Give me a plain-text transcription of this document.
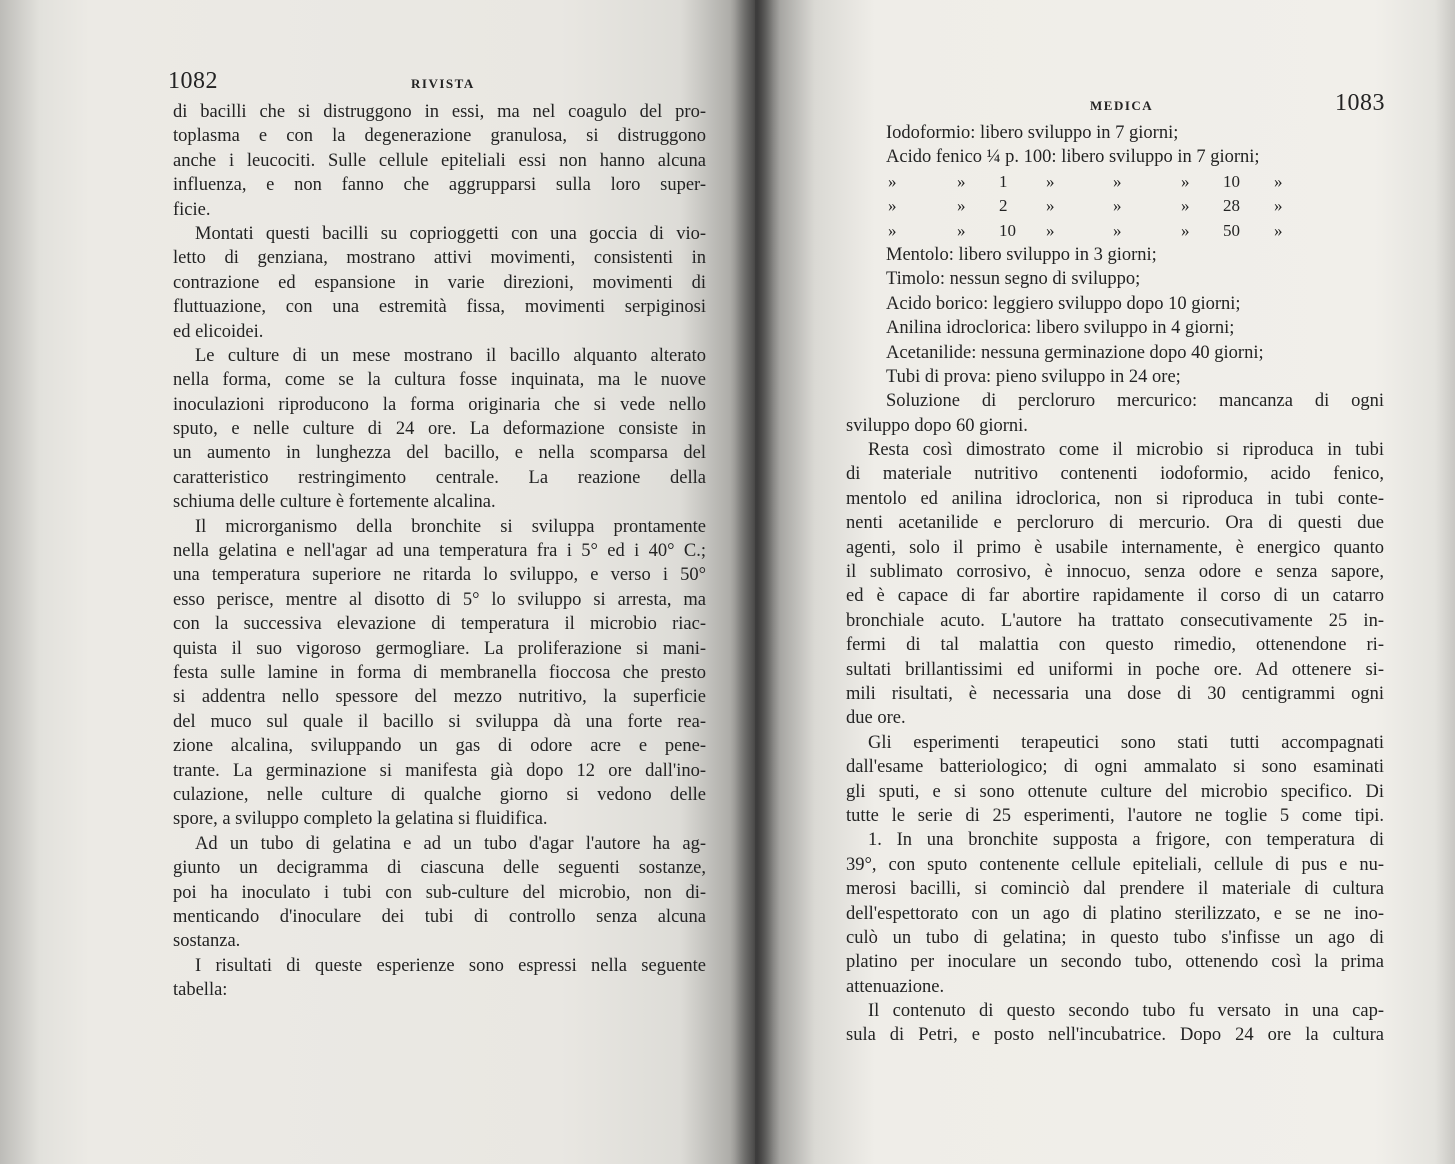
1082	RIVISTA
di bacilli che si distruggono in essi, ma nel coagulo del pro-
toplasma e con la degenerazione granulosa, si distruggono
anche i leucociti. Sulle cellule epiteliali essi non hanno alcuna
influenza, e non fanno che aggrupparsi sulla loro super-
ficie.
Montati questi bacilli su coprioggetti con una goccia di vio-
letto di genziana, mostrano attivi movimenti, consistenti in
contrazione ed espansione in varie direzioni, movimenti di
fluttuazione, con una estremità fissa, movimenti serpiginosi
ed elicoidei.
Le culture di un mese mostrano il bacillo alquanto alterato
nella forma, come se la cultura fosse inquinata, ma le nuove
inoculazioni riproducono la forma originaria che si vede nello
sputo, e nelle culture di 24 ore. La deformazione consiste in
un aumento in lunghezza del bacillo, e nella scomparsa del
caratteristico restringimento centrale. La reazione della
schiuma delle culture è fortemente alcalina.
Il microrganismo della bronchite si sviluppa prontamente
nella gelatina e nell'agar ad una temperatura fra i 5° ed i 40° C.;
una temperatura superiore ne ritarda lo sviluppo, e verso i 50°
esso perisce, mentre al disotto di 5° lo sviluppo si arresta, ma
con la successiva elevazione di temperatura il microbio riac-
quista il suo vigoroso germogliare. La proliferazione si mani-
festa sulle lamine in forma di membranella fioccosa che presto
si addentra nello spessore del mezzo nutritivo, la superficie
del muco sul quale il bacillo si sviluppa dà una forte rea-
zione alcalina, sviluppando un gas di odore acre e pene-
trante. La germinazione si manifesta già dopo 12 ore dall'ino-
culazione, nelle culture di qualche giorno si vedono delle
spore, a sviluppo completo la gelatina si fluidifica.
Ad un tubo di gelatina e ad un tubo d'agar l'autore ha ag-
giunto un decigramma di ciascuna delle seguenti sostanze,
poi ha inoculato i tubi con sub-culture del microbio, non di-
menticando d'inoculare dei tubi di controllo senza alcuna
sostanza.
I risultati di queste esperienze sono espressi nella seguente
tabella:
MEDICA	1083
Iodoformio: libero sviluppo in 7 giorni;
Acido fenico ¼ p. 100: libero sviluppo in 7 giorni;
»	» 1 »	»	» 10 »
»	» 2 »	»	» 28 »
»	» 10 »	»	» 50 »
Mentolo: libero sviluppo in 3 giorni;
Timolo: nessun segno di sviluppo;
Acido borico: leggiero sviluppo dopo 10 giorni;
Anilina idroclorica: libero sviluppo in 4 giorni;
Acetanilide: nessuna germinazione dopo 40 giorni;
Tubi di prova: pieno sviluppo in 24 ore;
Soluzione di percloruro mercurico: mancanza di ogni
sviluppo dopo 60 giorni.
Resta così dimostrato come il microbio si riproduca in tubi
di materiale nutritivo contenenti iodoformio, acido fenico,
mentolo ed anilina idroclorica, non si riproduca in tubi conte-
nenti acetanilide e percloruro di mercurio. Ora di questi due
agenti, solo il primo è usabile internamente, è energico quanto
il sublimato corrosivo, è innocuo, senza odore e senza sapore,
ed è capace di far abortire rapidamente il corso di un catarro
bronchiale acuto. L'autore ha trattato consecutivamente 25 in-
fermi di tal malattia con questo rimedio, ottenendone ri-
sultati brillantissimi ed uniformi in poche ore. Ad ottenere si-
mili risultati, è necessaria una dose di 30 centigrammi ogni
due ore.
Gli esperimenti terapeutici sono stati tutti accompagnati
dall'esame batteriologico; di ogni ammalato si sono esaminati
gli sputi, e si sono ottenute culture del microbio specifico. Di
tutte le serie di 25 esperimenti, l'autore ne toglie 5 come tipi.
1. In una bronchite supposta a frigore, con temperatura di
39°, con sputo contenente cellule epiteliali, cellule di pus e nu-
merosi bacilli, si cominciò dal prendere il materiale di cultura
dell'espettorato con un ago di platino sterilizzato, e se ne ino-
culò un tubo di gelatina; in questo tubo s'infisse un ago di
platino per inoculare un secondo tubo, ottenendo così la prima
attenuazione.
Il contenuto di questo secondo tubo fu versato in una cap-
sula di Petri, e posto nell'incubatrice. Dopo 24 ore la cultura
